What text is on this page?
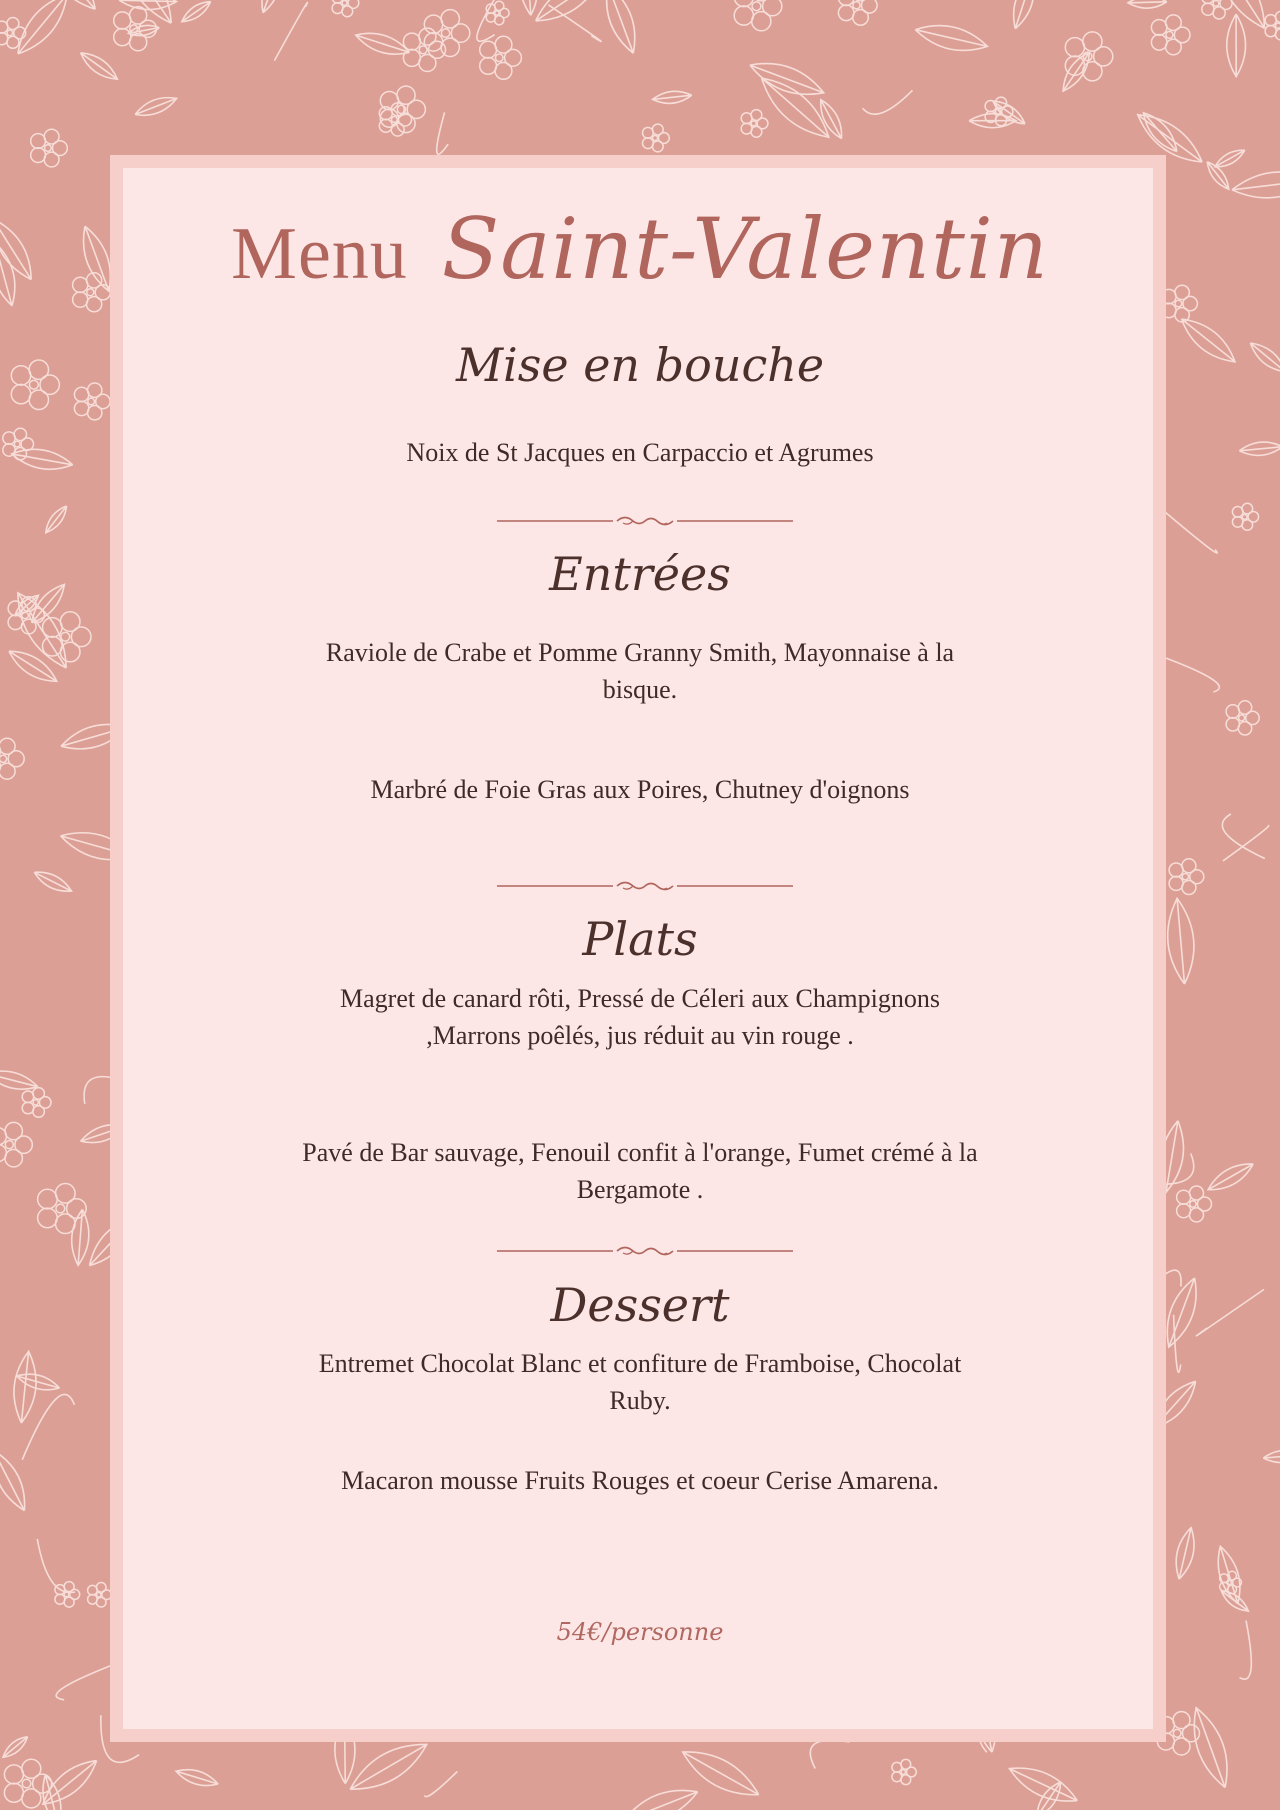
Menu Saint-Valentin
Mise en bouche
Noix de St Jacques en Carpaccio et Agrumes
Entrées
Raviole de Crabe et Pomme Granny Smith, Mayonnaise à la bisque.
Marbré de Foie Gras aux Poires, Chutney d'oignons
Plats
Magret de canard rôti, Pressé de Céleri aux Champignons ,Marrons poêlés, jus réduit au vin rouge .
Pavé de Bar sauvage, Fenouil confit à l'orange, Fumet crémé à la Bergamote .
Dessert
Entremet Chocolat Blanc et confiture de Framboise, Chocolat Ruby.
Macaron mousse Fruits Rouges et coeur Cerise Amarena.
54€/personne
